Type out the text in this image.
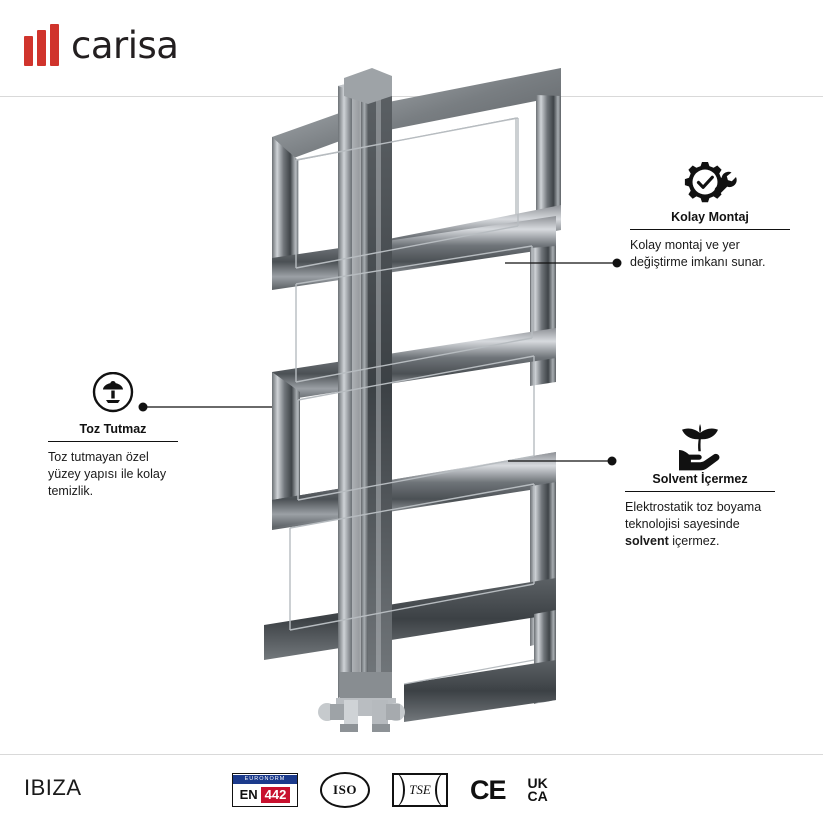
carisa
Kolay Montaj
Kolay montaj ve yer değiştirme imkanı sunar.
Toz Tutmaz
Toz tutmayan özel yüzey yapısı ile kolay temizlik.
Solvent İçermez
Elektrostatik toz boyama teknolojisi sayesinde solvent içermez.
IBIZA	EURONORM
EN 442	ISO	TSE CE UK
CA
